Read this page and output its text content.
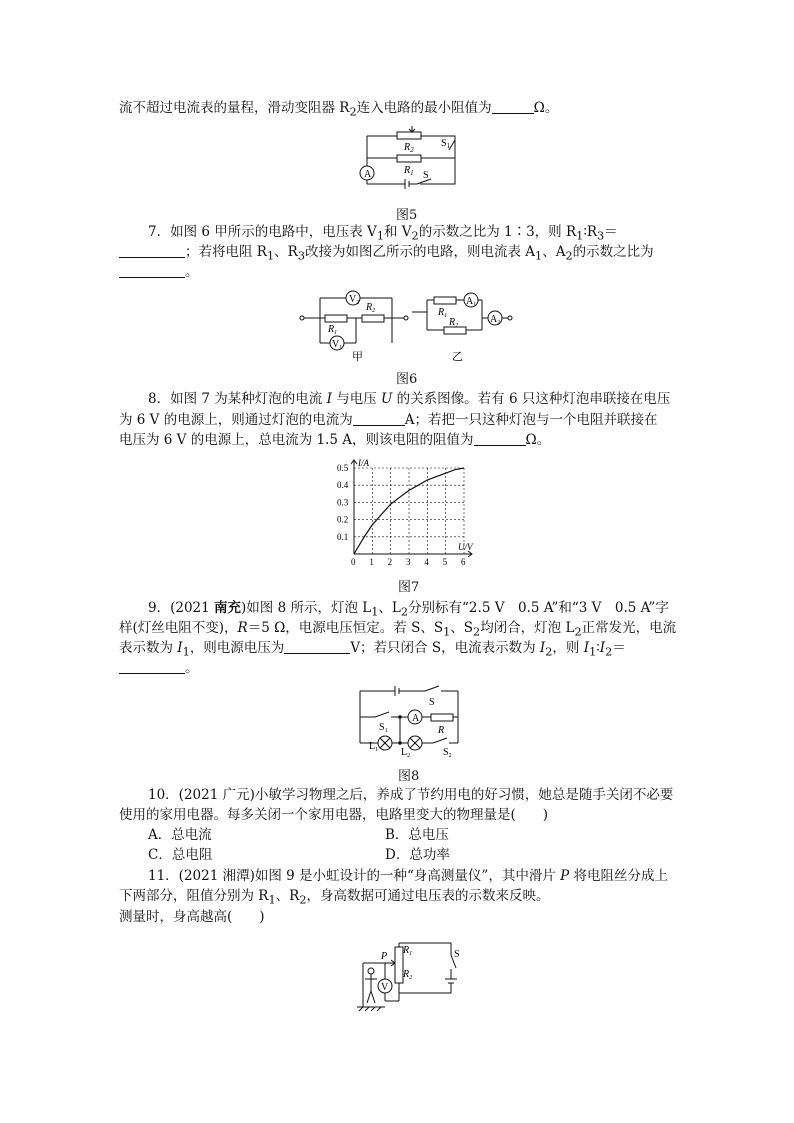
流不超过电流表的量程，滑动变阻器 $R_2$连入电路的最小阻值为	Ω。
A
$R_2$
$R_1$
$S_1$
S
图5
7．如图 6 甲所示的电路中，电压表 $V_1$和 $V_2$的示数之比为 1∶3，则 $R_1∶R_3=$
；若将电阻 $R_1$、$R_3$改接为如图乙所示的电路，则电流表 $A_1$、$A_2$的示数之比为
。
$V_2$
$V_1$
$R_1$
$R_2$
甲
$A_1$
$A_2$
$R_1$
$R_2$
乙
图6
8．如图 7 为某种灯泡的电流 I 与电压 U 的关系图像。若有 6 只这种灯泡串联接在电压
为 6 V 的电源上，则通过灯泡的电流为	A；若把一只这种灯泡与一个电阻并联接在
电压为 6 V 的电源上，总电流为 1.5 A，则该电阻的阻值为	Ω。
0 1 2 3 4 5 6
0.1
0.2
0.3
0.4
0.5 I/A
U/V
图7
9．(2021 南充)如图 8 所示，灯泡 $L_1$、$L_2$分别标有“2.5 V　0.5 A”和“3 V　0.5 A”字
样(灯丝电阻不变)，R＝5 Ω，电源电压恒定。若 S、$S_1$、$S_2$均闭合，灯泡 $L_2$正常发光，电流
表示数为 $I_1$，则电源电压为	V；若只闭合 S，电流表示数为 $I_2$，则 $I_1∶I_2=$
。
S
A
R
$S_1$
$S_2$
$L_1$ $L_2$
图8
10．(2021 广元)小敏学习物理之后，养成了节约用电的好习惯，她总是随手关闭不必要
使用的家用电器。每多关闭一个家用电器，电路里变大的物理量是(　　)
A．总电流	B．总电压
C．总电阻	D．总功率
11．(2021 湘潭)如图 9 是小虹设计的一种“身高测量仪”，其中滑片 P 将电阻丝分成上
下两部分，阻值分别为 $R_1$、$R_2$，身高数据可通过电压表的示数来反映。
测量时，身高越高(　　)
P
$R_1$
$R_2$
S
V
